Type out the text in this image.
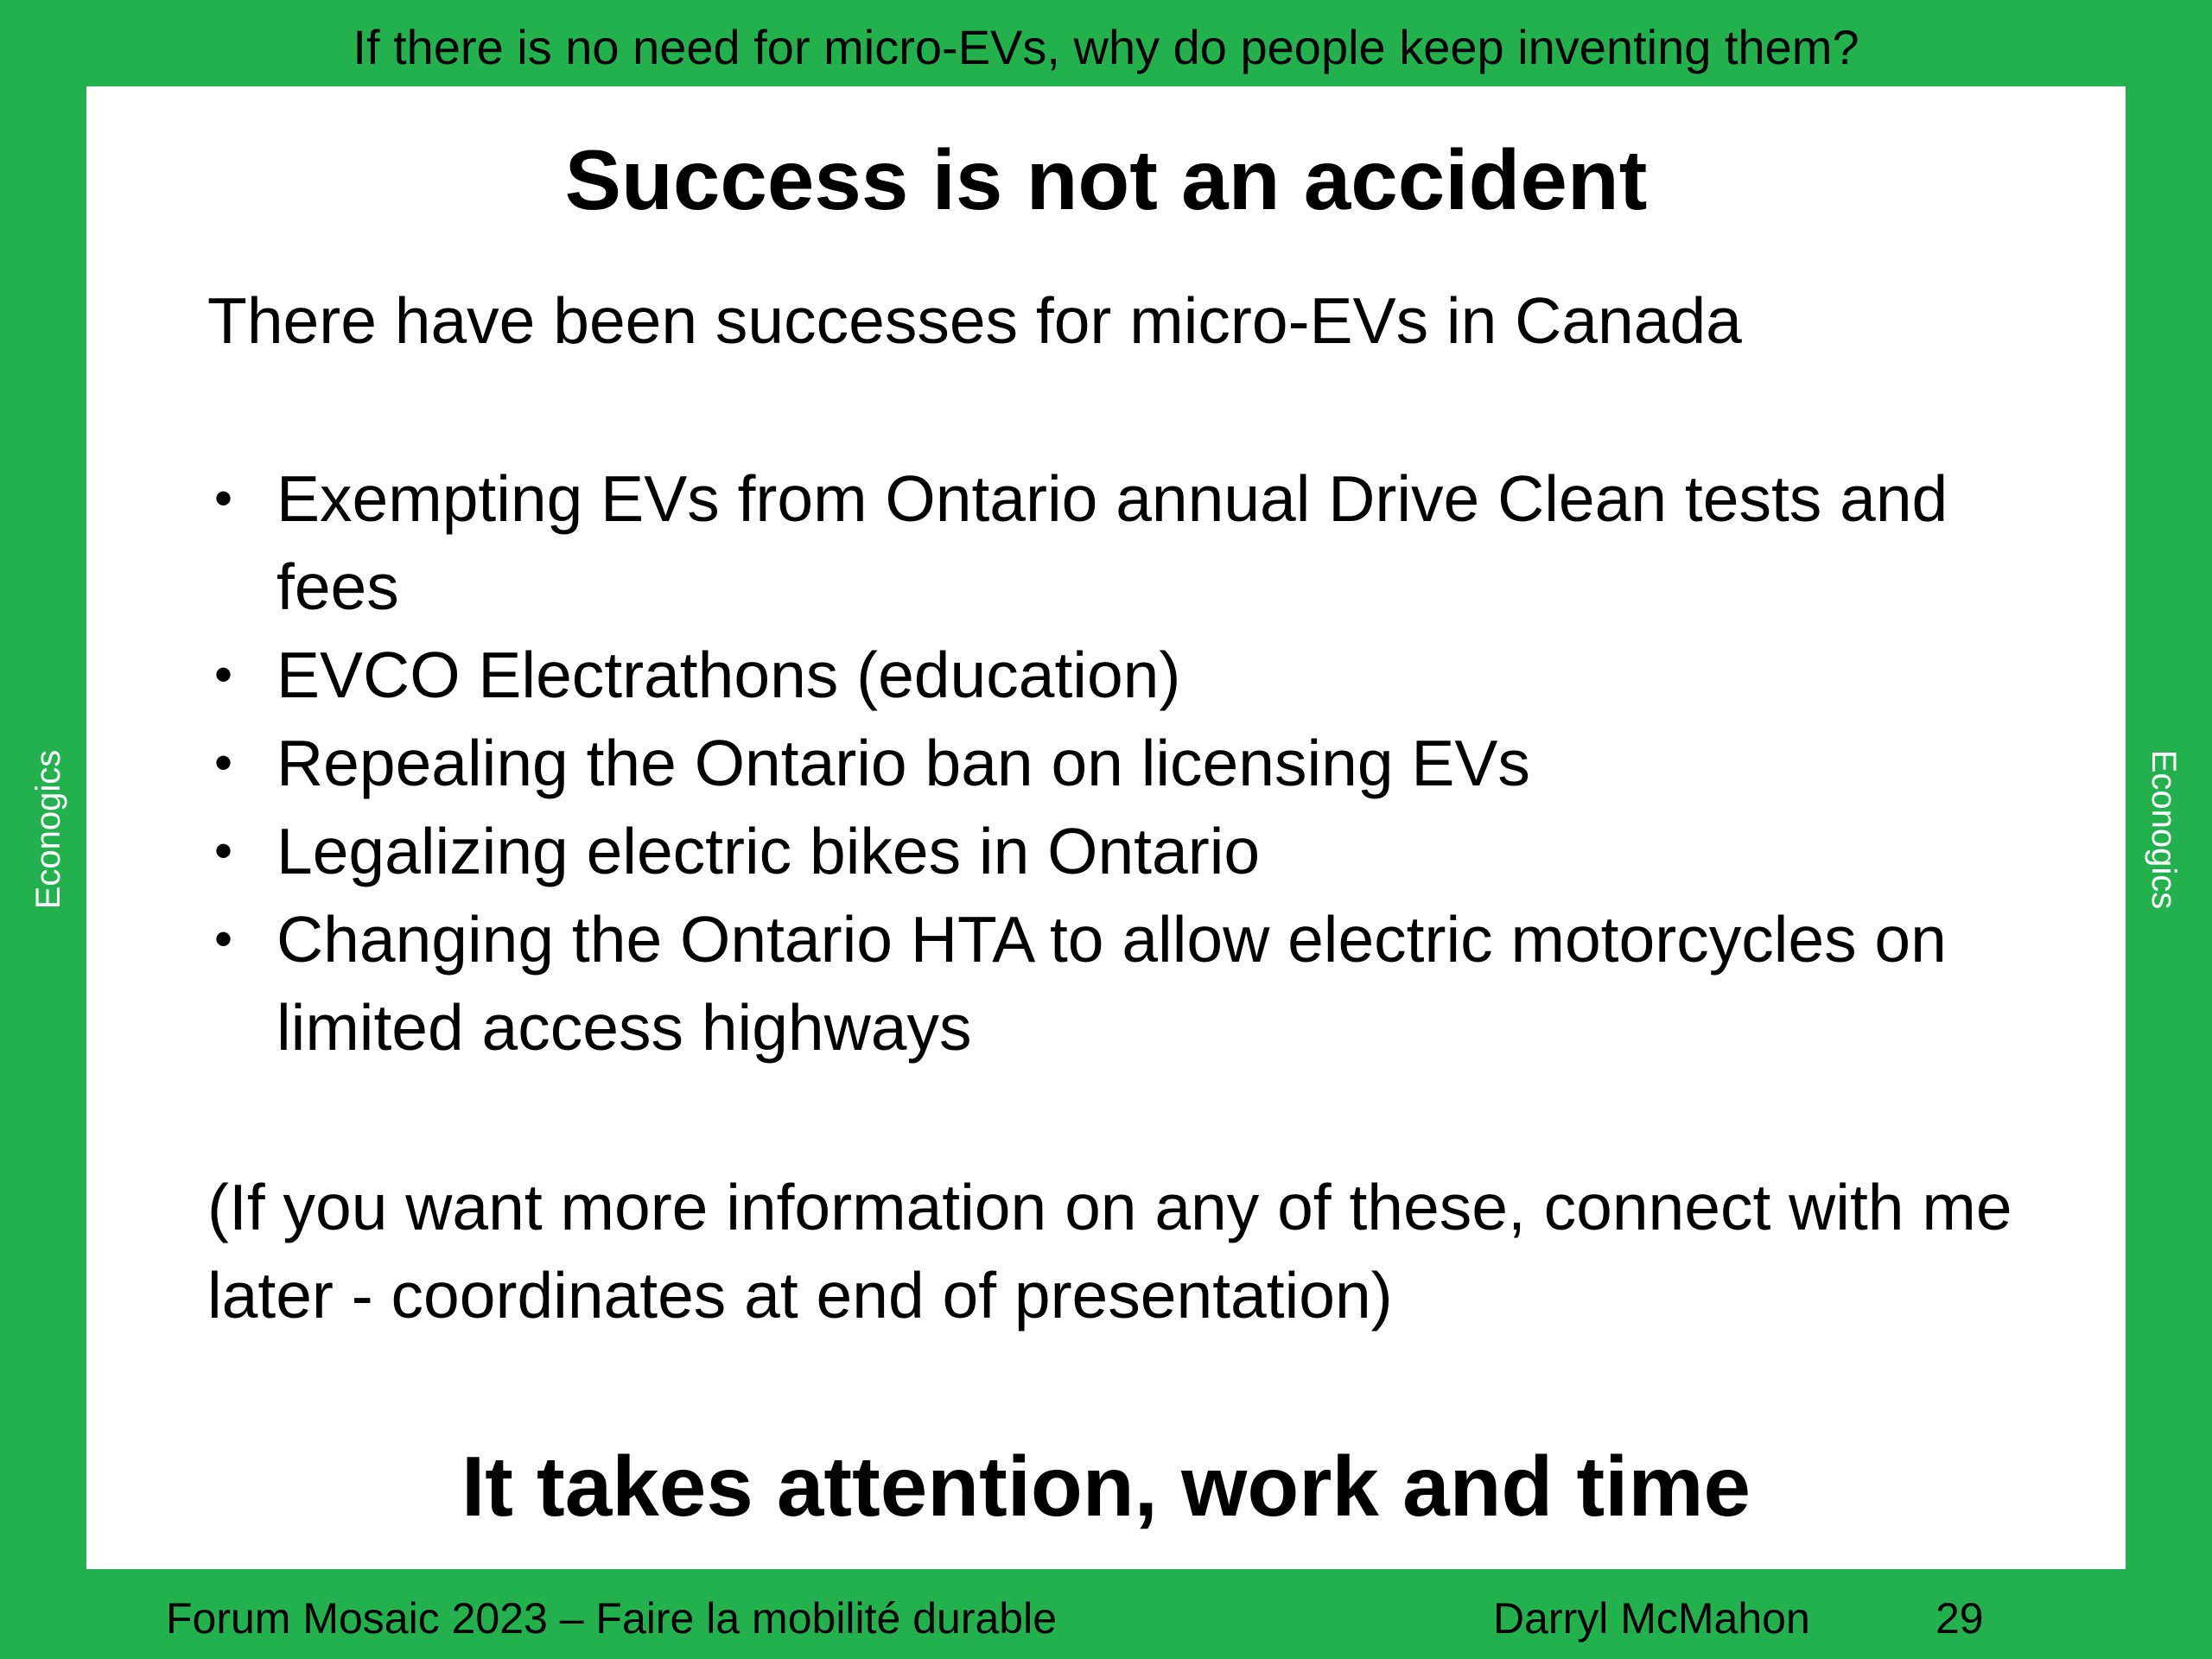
If there is no need for micro-EVs, why do people keep inventing them?

Success is not an accident

There have been successes for micro-EVs in Canada

• Exempting EVs from Ontario annual Drive Clean tests and fees
• EVCO Electrathons (education)
• Repealing the Ontario ban on licensing EVs
• Legalizing electric bikes in Ontario
• Changing the Ontario HTA to allow electric motorcycles on limited access highways

(If you want more information on any of these, connect with me later - coordinates at end of presentation)

It takes attention, work and time
Econogics	Econogics
Forum Mosaic 2023 – Faire la mobilité durable	Darryl McMahon	29
